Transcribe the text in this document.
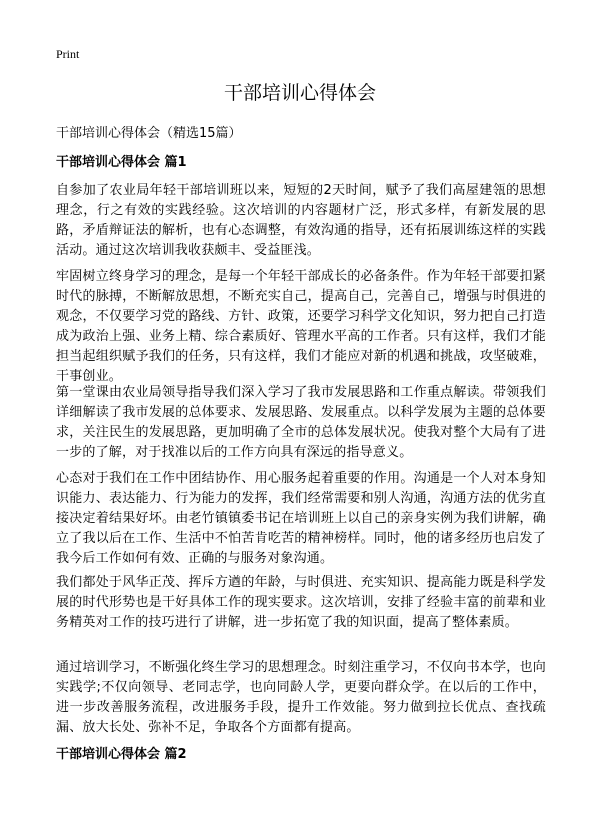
Print
干部培训心得体会

干部培训心得体会（精选15篇）

干部培训心得体会 篇1

自参加了农业局年轻干部培训班以来，短短的2天时间，赋予了我们高屋建瓴的思想理念，行之有效的实践经验。这次培训的内容题材广泛，形式多样，有新发展的思路，矛盾辩证法的解析，也有心态调整，有效沟通的指导，还有拓展训练这样的实践活动。通过这次培训我收获颇丰、受益匪浅。

牢固树立终身学习的理念，是每一个年轻干部成长的必备条件。作为年轻干部要扣紧时代的脉搏，不断解放思想，不断充实自己，提高自己，完善自己，增强与时俱进的观念，不仅要学习党的路线、方针、政策，还要学习科学文化知识，努力把自己打造成为政治上强、业务上精、综合素质好、管理水平高的工作者。只有这样，我们才能担当起组织赋予我们的任务，只有这样，我们才能应对新的机遇和挑战，攻坚破难，干事创业。

第一堂课由农业局领导指导我们深入学习了我市发展思路和工作重点解读。带领我们详细解读了我市发展的总体要求、发展思路、发展重点。以科学发展为主题的总体要求，关注民生的发展思路，更加明确了全市的总体发展状况。使我对整个大局有了进一步的了解，对于找准以后的工作方向具有深远的指导意义。

心态对于我们在工作中团结协作、用心服务起着重要的作用。沟通是一个人对本身知识能力、表达能力、行为能力的发挥，我们经常需要和别人沟通，沟通方法的优劣直接决定着结果好坏。由老竹镇镇委书记在培训班上以自己的亲身实例为我们讲解，确立了我以后在工作、生活中不怕苦肯吃苦的精神榜样。同时，他的诸多经历也启发了我今后工作如何有效、正确的与服务对象沟通。

我们都处于风华正茂、挥斥方遒的年龄，与时俱进、充实知识、提高能力既是科学发展的时代形势也是干好具体工作的现实要求。这次培训，安排了经验丰富的前辈和业务精英对工作的技巧进行了讲解，进一步拓宽了我的知识面，提高了整体素质。

通过培训学习，不断强化终生学习的思想理念。时刻注重学习，不仅向书本学，也向实践学;不仅向领导、老同志学，也向同龄人学，更要向群众学。在以后的工作中，进一步改善服务流程，改进服务手段，提升工作效能。努力做到拉长优点、查找疏漏、放大长处、弥补不足，争取各个方面都有提高。

干部培训心得体会 篇2
